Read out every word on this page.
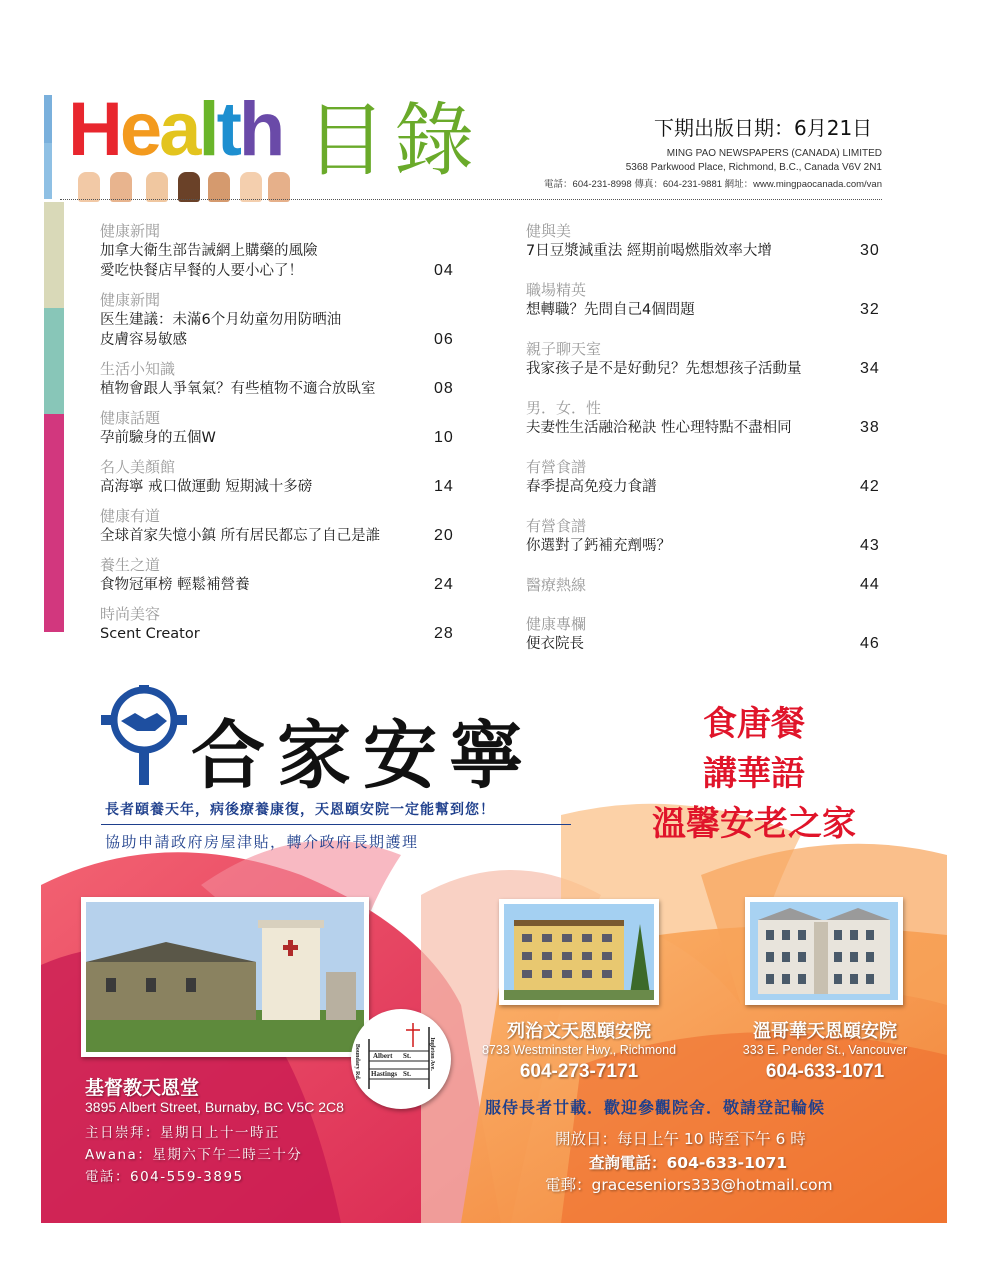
Health 目錄	下期出版日期：6月21日
MING PAO NEWSPAPERS (CANADA) LIMITED
5368 Parkwood Place, Richmond, B.C., Canada V6V 2N1
電話：604-231-8998 傳真：604-231-9881 網址：www.mingpaocanada.com/van
健康新聞
加拿大衛生部告誡網上購藥的風險
愛吃快餐店早餐的人要小心了！	04
健康新聞
医生建議：未滿6个月幼童勿用防晒油
皮膚容易敏感	06
生活小知識
植物會跟人爭氧氣？有些植物不適合放臥室	08
健康話題
孕前驗身的五個W	10
名人美顏館
高海寧 戒口做運動 短期減十多磅	14
健康有道
全球首家失憶小鎮 所有居民都忘了自己是誰	20
養生之道
食物冠軍榜 輕鬆補營養	24
時尚美容
Scent Creator	28
健與美
7日豆漿減重法 經期前喝燃脂效率大增	30
職場精英
想轉職？先問自己4個問題	32
親子聊天室
我家孩子是不是好動兒？先想想孩子活動量	34
男．女．性
夫妻性生活融洽秘訣 性心理特點不盡相同	38
有營食譜
春季提高免疫力食譜	42
有營食譜
你選對了鈣補充劑嗎？	43
醫療熱線	44
健康專欄
便衣院長	46
合家安寧
長者頤養天年，病後療養康復，天恩頤安院一定能幫到您！
協助申請政府房屋津貼，轉介政府長期護理
食唐餐
講華語
溫馨安老之家
Albert St.
Hastings St.
Boundary Rd.	Ingleton Ave.
基督教天恩堂
3895 Albert Street, Burnaby, BC V5C 2C8
主日崇拜：星期日上十一時正
Awana：星期六下午二時三十分
電話：604-559-3895
列治文天恩頤安院
8733 Westminster Hwy., Richmond
604-273-7171
溫哥華天恩頤安院
333 E. Pender St., Vancouver
604-633-1071
服侍長者廿載．歡迎參觀院舍．敬請登記輪候
開放日：每日上午 10 時至下午 6 時
查詢電話：604-633-1071
電郵：graceseniors333@hotmail.com
